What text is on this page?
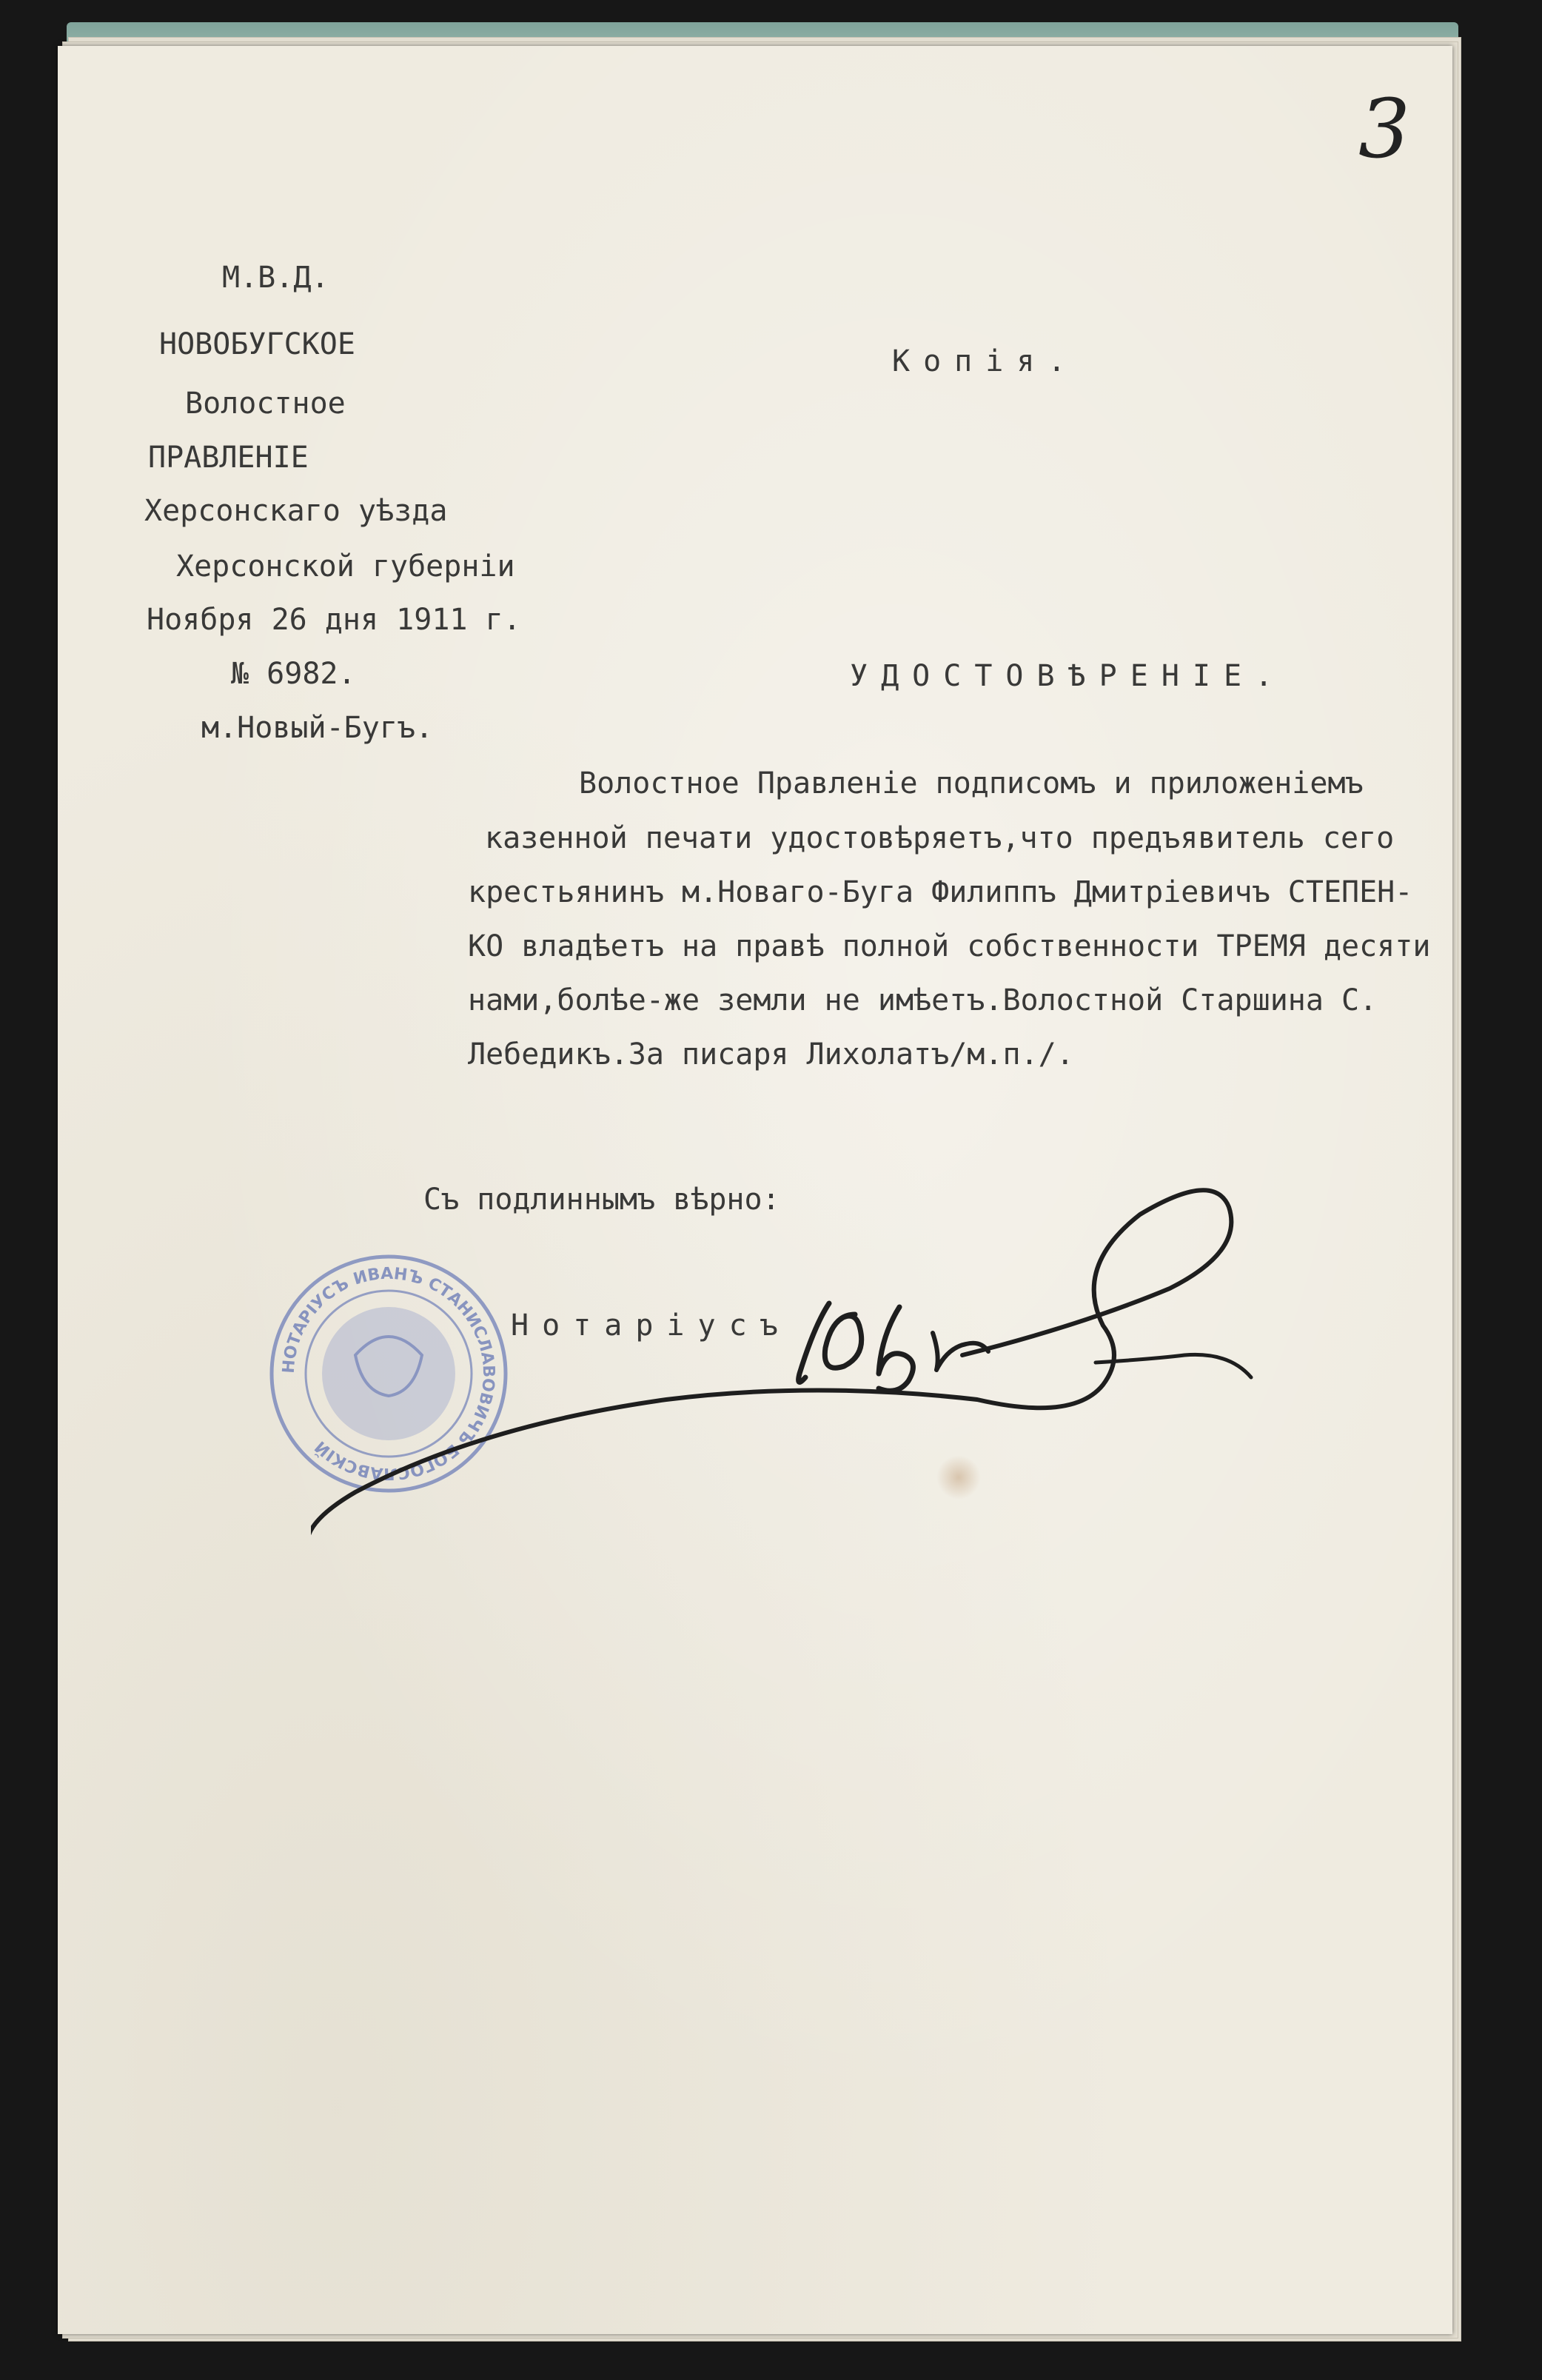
3
М.В.Д.
НОВОБУГСКОЕ
Волостное
ПРАВЛЕНІЕ
Херсонскаго уѣзда
Херсонской губерніи
Ноября 26 дня 1911 г.
№ 6982.
м.Новый-Бугъ.
Копія.
УДОСТОВѢРЕНІЕ.
Волостное Правленіе подписомъ и приложеніемъ
казенной печати удостовѣряетъ,что предъявитель сего
крестьянинъ м.Новаго-Буга Филиппъ Дмитріевичъ СТЕПЕН-
КО владѣетъ на правѣ полной собственности ТРЕМЯ десяти
нами,болѣе-же земли не имѣетъ.Волостной Старшина С.
Лебедикъ.За писаря Лихолатъ/м.п./.
Съ подлиннымъ вѣрно:
Нотаріусъ
НОТАРІУСЪ ИВАНЪ СТАНИСЛАВОВИЧЪ БОГОСЛАВСКІЙ
